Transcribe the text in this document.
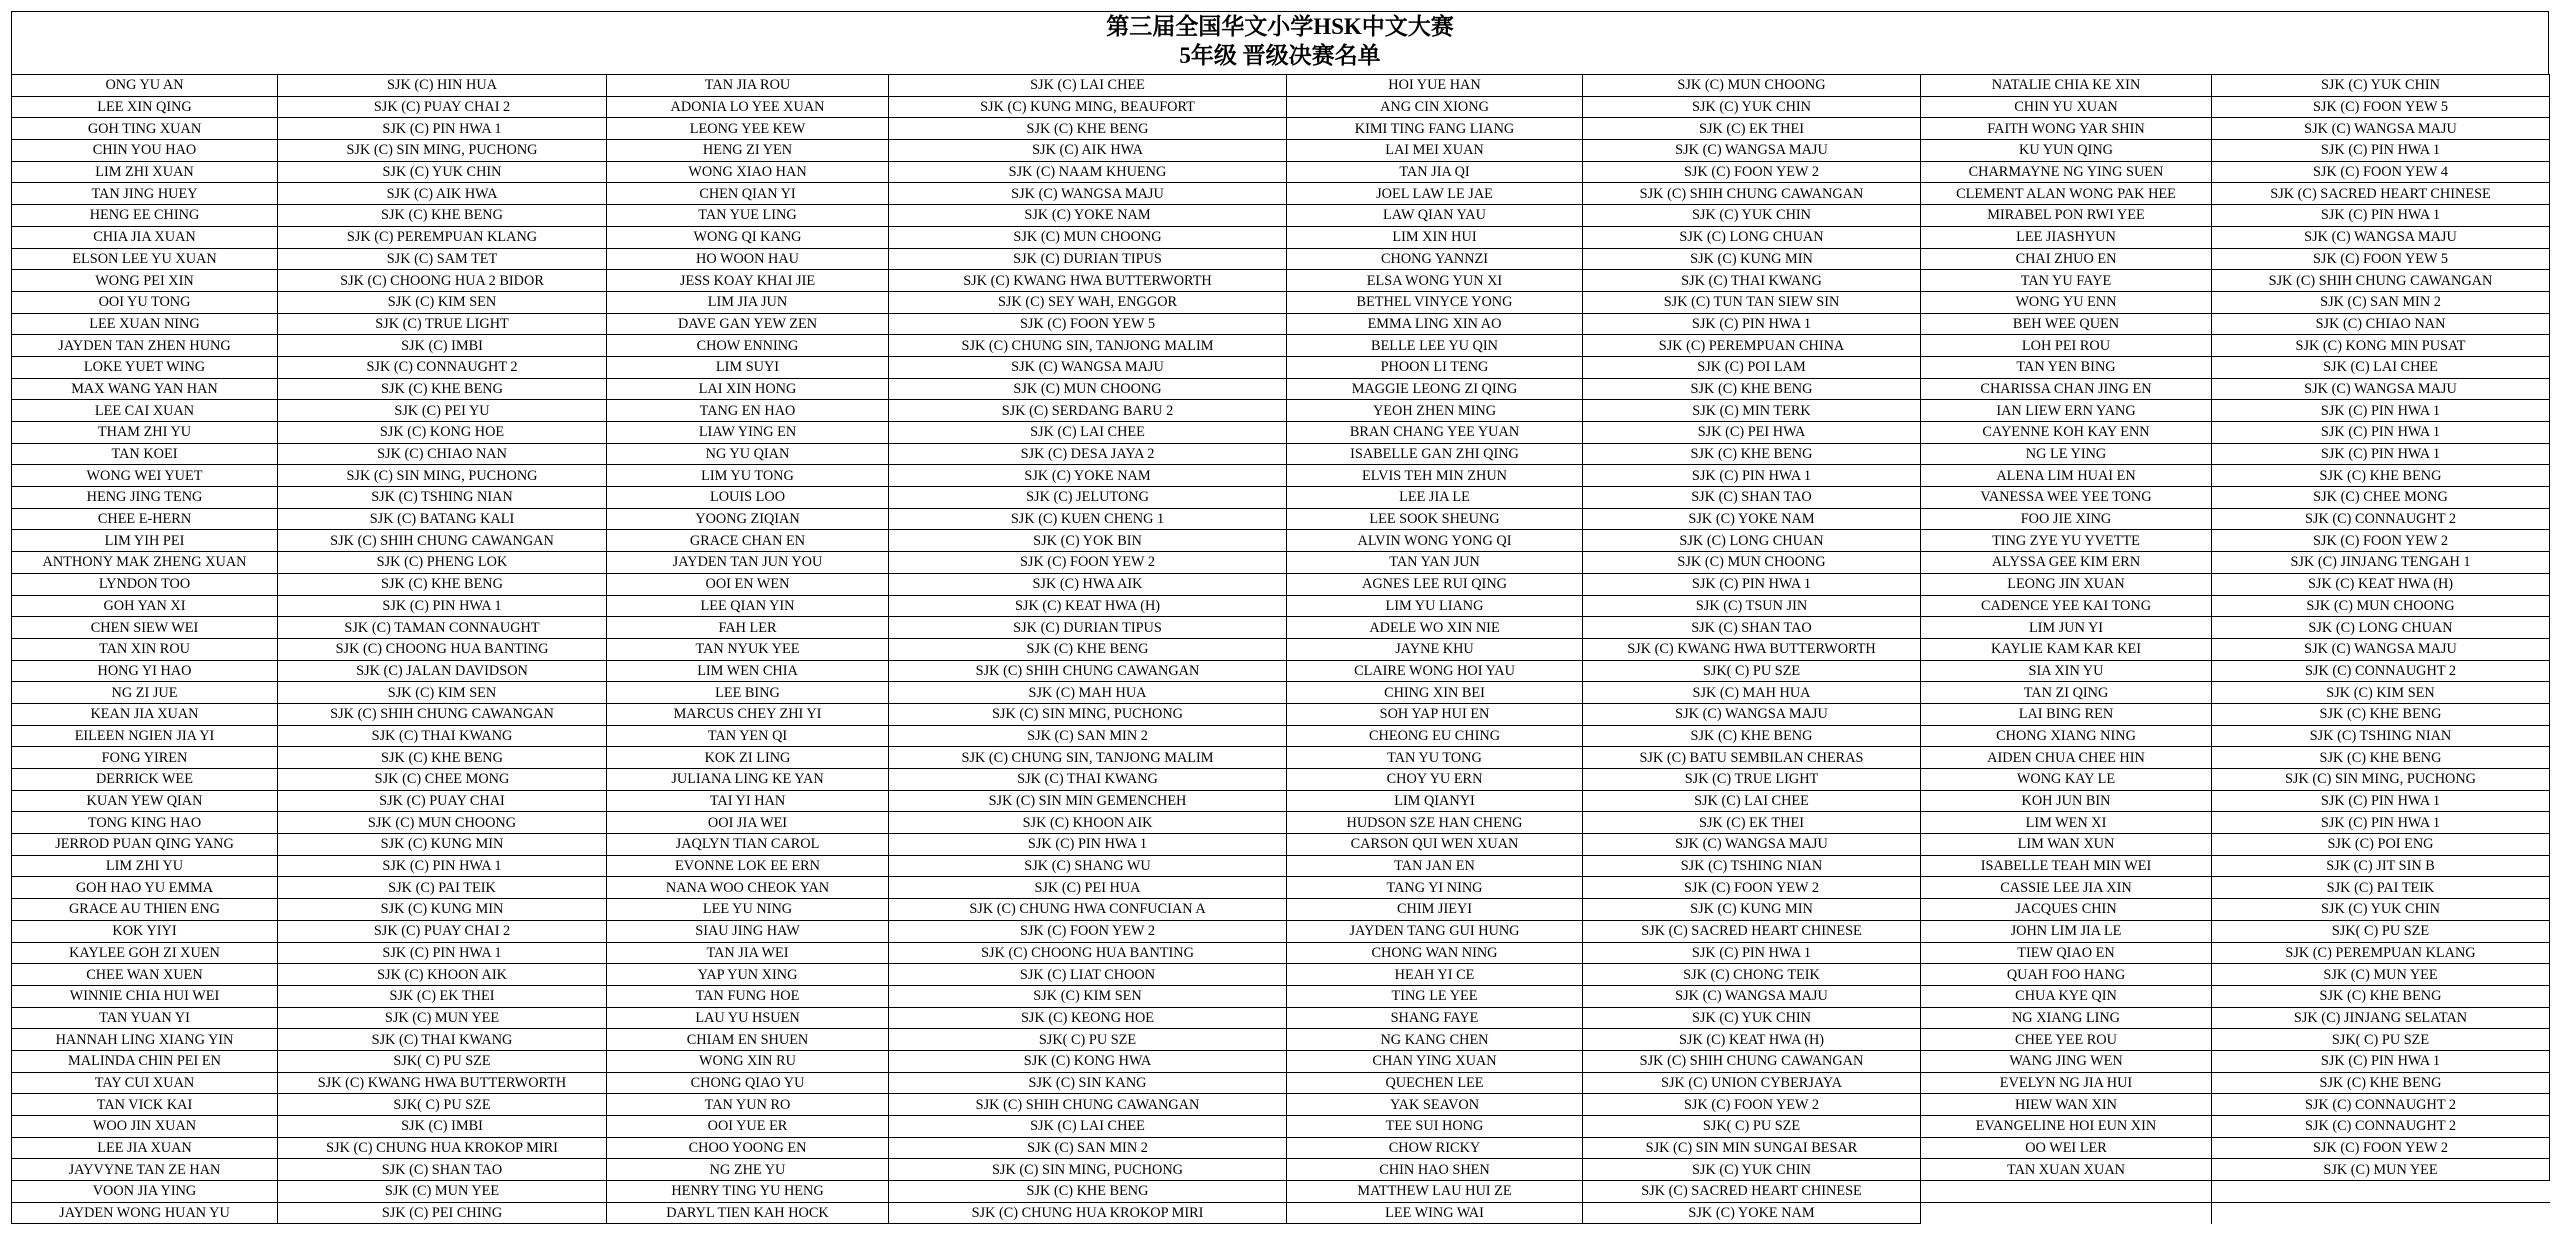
第三届全国华文小学HSK中文大赛
5年级 晋级决赛名单
ONG YU AN	SJK (C) HIN HUA	TAN JIA ROU	SJK (C) LAI CHEE	HOI YUE HAN	SJK (C) MUN CHOONG	NATALIE CHIA KE XIN	SJK (C) YUK CHIN
LEE XIN QING	SJK (C) PUAY CHAI 2	ADONIA LO YEE XUAN	SJK (C) KUNG MING, BEAUFORT	ANG CIN XIONG	SJK (C) YUK CHIN	CHIN YU XUAN	SJK (C) FOON YEW 5
GOH TING XUAN	SJK (C) PIN HWA 1	LEONG YEE KEW	SJK (C) KHE BENG	KIMI TING FANG LIANG	SJK (C) EK THEI	FAITH WONG YAR SHIN	SJK (C) WANGSA MAJU
CHIN YOU HAO	SJK (C) SIN MING, PUCHONG	HENG ZI YEN	SJK (C) AIK HWA	LAI MEI XUAN	SJK (C) WANGSA MAJU	KU YUN QING	SJK (C) PIN HWA 1
LIM ZHI XUAN	SJK (C) YUK CHIN	WONG XIAO HAN	SJK (C) NAAM KHUENG	TAN JIA QI	SJK (C) FOON YEW 2	CHARMAYNE NG YING SUEN	SJK (C) FOON YEW 4
TAN JING HUEY	SJK (C) AIK HWA	CHEN QIAN YI	SJK (C) WANGSA MAJU	JOEL LAW LE JAE	SJK (C) SHIH CHUNG CAWANGAN	CLEMENT ALAN WONG PAK HEE	SJK (C) SACRED HEART CHINESE
HENG EE CHING	SJK (C) KHE BENG	TAN YUE LING	SJK (C) YOKE NAM	LAW QIAN YAU	SJK (C) YUK CHIN	MIRABEL PON RWI YEE	SJK (C) PIN HWA 1
CHIA JIA XUAN	SJK (C) PEREMPUAN KLANG	WONG QI KANG	SJK (C) MUN CHOONG	LIM XIN HUI	SJK (C) LONG CHUAN	LEE JIASHYUN	SJK (C) WANGSA MAJU
ELSON LEE YU XUAN	SJK (C) SAM TET	HO WOON HAU	SJK (C) DURIAN TIPUS	CHONG YANNZI	SJK (C) KUNG MIN	CHAI ZHUO EN	SJK (C) FOON YEW 5
WONG PEI XIN	SJK (C) CHOONG HUA 2 BIDOR	JESS KOAY KHAI JIE	SJK (C) KWANG HWA BUTTERWORTH	ELSA WONG YUN XI	SJK (C) THAI KWANG	TAN YU FAYE	SJK (C) SHIH CHUNG CAWANGAN
OOI YU TONG	SJK (C) KIM SEN	LIM JIA JUN	SJK (C) SEY WAH, ENGGOR	BETHEL VINYCE YONG	SJK (C) TUN TAN SIEW SIN	WONG YU ENN	SJK (C) SAN MIN 2
LEE XUAN NING	SJK (C) TRUE LIGHT	DAVE GAN YEW ZEN	SJK (C) FOON YEW 5	EMMA LING XIN AO	SJK (C) PIN HWA 1	BEH WEE QUEN	SJK (C) CHIAO NAN
JAYDEN TAN ZHEN HUNG	SJK (C) IMBI	CHOW ENNING	SJK (C) CHUNG SIN, TANJONG MALIM	BELLE LEE YU QIN	SJK (C) PEREMPUAN CHINA	LOH PEI ROU	SJK (C) KONG MIN PUSAT
LOKE YUET WING	SJK (C) CONNAUGHT 2	LIM SUYI	SJK (C) WANGSA MAJU	PHOON LI TENG	SJK (C) POI LAM	TAN YEN BING	SJK (C) LAI CHEE
MAX WANG YAN HAN	SJK (C) KHE BENG	LAI XIN HONG	SJK (C) MUN CHOONG	MAGGIE LEONG ZI QING	SJK (C) KHE BENG	CHARISSA CHAN JING EN	SJK (C) WANGSA MAJU
LEE CAI XUAN	SJK (C) PEI YU	TANG EN HAO	SJK (C) SERDANG BARU 2	YEOH ZHEN MING	SJK (C) MIN TERK	IAN LIEW ERN YANG	SJK (C) PIN HWA 1
THAM ZHI YU	SJK (C) KONG HOE	LIAW YING EN	SJK (C) LAI CHEE	BRAN CHANG YEE YUAN	SJK (C) PEI HWA	CAYENNE KOH KAY ENN	SJK (C) PIN HWA 1
TAN KOEI	SJK (C) CHIAO NAN	NG YU QIAN	SJK (C) DESA JAYA 2	ISABELLE GAN ZHI QING	SJK (C) KHE BENG	NG LE YING	SJK (C) PIN HWA 1
WONG WEI YUET	SJK (C) SIN MING, PUCHONG	LIM YU TONG	SJK (C) YOKE NAM	ELVIS TEH MIN ZHUN	SJK (C) PIN HWA 1	ALENA LIM HUAI EN	SJK (C) KHE BENG
HENG JING TENG	SJK (C) TSHING NIAN	LOUIS LOO	SJK (C) JELUTONG	LEE JIA LE	SJK (C) SHAN TAO	VANESSA WEE YEE TONG	SJK (C) CHEE MONG
CHEE E-HERN	SJK (C) BATANG KALI	YOONG ZIQIAN	SJK (C) KUEN CHENG 1	LEE SOOK SHEUNG	SJK (C) YOKE NAM	FOO JIE XING	SJK (C) CONNAUGHT 2
LIM YIH PEI	SJK (C) SHIH CHUNG CAWANGAN	GRACE CHAN EN	SJK (C) YOK BIN	ALVIN WONG YONG QI	SJK (C) LONG CHUAN	TING ZYE YU YVETTE	SJK (C) FOON YEW 2
ANTHONY MAK ZHENG XUAN	SJK (C) PHENG LOK	JAYDEN TAN JUN YOU	SJK (C) FOON YEW 2	TAN YAN JUN	SJK (C) MUN CHOONG	ALYSSA GEE KIM ERN	SJK (C) JINJANG TENGAH 1
LYNDON TOO	SJK (C) KHE BENG	OOI EN WEN	SJK (C) HWA AIK	AGNES LEE RUI QING	SJK (C) PIN HWA 1	LEONG JIN XUAN	SJK (C) KEAT HWA (H)
GOH YAN XI	SJK (C) PIN HWA 1	LEE QIAN YIN	SJK (C) KEAT HWA (H)	LIM YU LIANG	SJK (C) TSUN JIN	CADENCE YEE KAI TONG	SJK (C) MUN CHOONG
CHEN SIEW WEI	SJK (C) TAMAN CONNAUGHT	FAH LER	SJK (C) DURIAN TIPUS	ADELE WO XIN NIE	SJK (C) SHAN TAO	LIM JUN YI	SJK (C) LONG CHUAN
TAN XIN ROU	SJK (C) CHOONG HUA BANTING	TAN NYUK YEE	SJK (C) KHE BENG	JAYNE KHU	SJK (C) KWANG HWA BUTTERWORTH	KAYLIE KAM KAR KEI	SJK (C) WANGSA MAJU
HONG YI HAO	SJK (C) JALAN DAVIDSON	LIM WEN CHIA	SJK (C) SHIH CHUNG CAWANGAN	CLAIRE WONG HOI YAU	SJK( C) PU SZE	SIA XIN YU	SJK (C) CONNAUGHT 2
NG ZI JUE	SJK (C) KIM SEN	LEE BING	SJK (C) MAH HUA	CHING XIN BEI	SJK (C) MAH HUA	TAN ZI QING	SJK (C) KIM SEN
KEAN JIA XUAN	SJK (C) SHIH CHUNG CAWANGAN	MARCUS CHEY ZHI YI	SJK (C) SIN MING, PUCHONG	SOH YAP HUI EN	SJK (C) WANGSA MAJU	LAI BING REN	SJK (C) KHE BENG
EILEEN NGIEN JIA YI	SJK (C) THAI KWANG	TAN YEN QI	SJK (C) SAN MIN 2	CHEONG EU CHING	SJK (C) KHE BENG	CHONG XIANG NING	SJK (C) TSHING NIAN
FONG YIREN	SJK (C) KHE BENG	KOK ZI LING	SJK (C) CHUNG SIN, TANJONG MALIM	TAN YU TONG	SJK (C) BATU SEMBILAN CHERAS	AIDEN CHUA CHEE HIN	SJK (C) KHE BENG
DERRICK WEE	SJK (C) CHEE MONG	JULIANA LING KE YAN	SJK (C) THAI KWANG	CHOY YU ERN	SJK (C) TRUE LIGHT	WONG KAY LE	SJK (C) SIN MING, PUCHONG
KUAN YEW QIAN	SJK (C) PUAY CHAI	TAI YI HAN	SJK (C) SIN MIN GEMENCHEH	LIM QIANYI	SJK (C) LAI CHEE	KOH JUN BIN	SJK (C) PIN HWA 1
TONG KING HAO	SJK (C) MUN CHOONG	OOI JIA WEI	SJK (C) KHOON AIK	HUDSON SZE HAN CHENG	SJK (C) EK THEI	LIM WEN XI	SJK (C) PIN HWA 1
JERROD PUAN QING YANG	SJK (C) KUNG MIN	JAQLYN TIAN CAROL	SJK (C) PIN HWA 1	CARSON QUI WEN XUAN	SJK (C) WANGSA MAJU	LIM WAN XUN	SJK (C) POI ENG
LIM ZHI YU	SJK (C) PIN HWA 1	EVONNE LOK EE ERN	SJK (C) SHANG WU	TAN JAN EN	SJK (C) TSHING NIAN	ISABELLE TEAH MIN WEI	SJK (C) JIT SIN B
GOH HAO YU EMMA	SJK (C) PAI TEIK	NANA WOO CHEOK YAN	SJK (C) PEI HUA	TANG YI NING	SJK (C) FOON YEW 2	CASSIE LEE JIA XIN	SJK (C) PAI TEIK
GRACE AU THIEN ENG	SJK (C) KUNG MIN	LEE YU NING	SJK (C) CHUNG HWA CONFUCIAN A	CHIM JIEYI	SJK (C) KUNG MIN	JACQUES CHIN	SJK (C) YUK CHIN
KOK YIYI	SJK (C) PUAY CHAI 2	SIAU JING HAW	SJK (C) FOON YEW 2	JAYDEN TANG GUI HUNG	SJK (C) SACRED HEART CHINESE	JOHN LIM JIA LE	SJK( C) PU SZE
KAYLEE GOH ZI XUEN	SJK (C) PIN HWA 1	TAN JIA WEI	SJK (C) CHOONG HUA BANTING	CHONG WAN NING	SJK (C) PIN HWA 1	TIEW QIAO EN	SJK (C) PEREMPUAN KLANG
CHEE WAN XUEN	SJK (C) KHOON AIK	YAP YUN XING	SJK (C) LIAT CHOON	HEAH YI CE	SJK (C) CHONG TEIK	QUAH FOO HANG	SJK (C) MUN YEE
WINNIE CHIA HUI WEI	SJK (C) EK THEI	TAN FUNG HOE	SJK (C) KIM SEN	TING LE YEE	SJK (C) WANGSA MAJU	CHUA KYE QIN	SJK (C) KHE BENG
TAN YUAN YI	SJK (C) MUN YEE	LAU YU HSUEN	SJK (C) KEONG HOE	SHANG FAYE	SJK (C) YUK CHIN	NG XIANG LING	SJK (C) JINJANG SELATAN
HANNAH LING XIANG YIN	SJK (C) THAI KWANG	CHIAM EN SHUEN	SJK( C) PU SZE	NG KANG CHEN	SJK (C) KEAT HWA (H)	CHEE YEE ROU	SJK( C) PU SZE
MALINDA CHIN PEI EN	SJK( C) PU SZE	WONG XIN RU	SJK (C) KONG HWA	CHAN YING XUAN	SJK (C) SHIH CHUNG CAWANGAN	WANG JING WEN	SJK (C) PIN HWA 1
TAY CUI XUAN	SJK (C) KWANG HWA BUTTERWORTH	CHONG QIAO YU	SJK (C) SIN KANG	QUECHEN LEE	SJK (C) UNION CYBERJAYA	EVELYN NG JIA HUI	SJK (C) KHE BENG
TAN VICK KAI	SJK( C) PU SZE	TAN YUN RO	SJK (C) SHIH CHUNG CAWANGAN	YAK SEAVON	SJK (C) FOON YEW 2	HIEW WAN XIN	SJK (C) CONNAUGHT 2
WOO JIN XUAN	SJK (C) IMBI	OOI YUE ER	SJK (C) LAI CHEE	TEE SUI HONG	SJK( C) PU SZE	EVANGELINE HOI EUN XIN	SJK (C) CONNAUGHT 2
LEE JIA XUAN	SJK (C) CHUNG HUA KROKOP MIRI	CHOO YOONG EN	SJK (C) SAN MIN 2	CHOW RICKY	SJK (C) SIN MIN SUNGAI BESAR	OO WEI LER	SJK (C) FOON YEW 2
JAYVYNE TAN ZE HAN	SJK (C) SHAN TAO	NG ZHE YU	SJK (C) SIN MING, PUCHONG	CHIN HAO SHEN	SJK (C) YUK CHIN	TAN XUAN XUAN	SJK (C) MUN YEE
VOON JIA YING	SJK (C) MUN YEE	HENRY TING YU HENG	SJK (C) KHE BENG	MATTHEW LAU HUI ZE	SJK (C) SACRED HEART CHINESE		
JAYDEN WONG HUAN YU	SJK (C) PEI CHING	DARYL TIEN KAH HOCK	SJK (C) CHUNG HUA KROKOP MIRI	LEE WING WAI	SJK (C) YOKE NAM		
